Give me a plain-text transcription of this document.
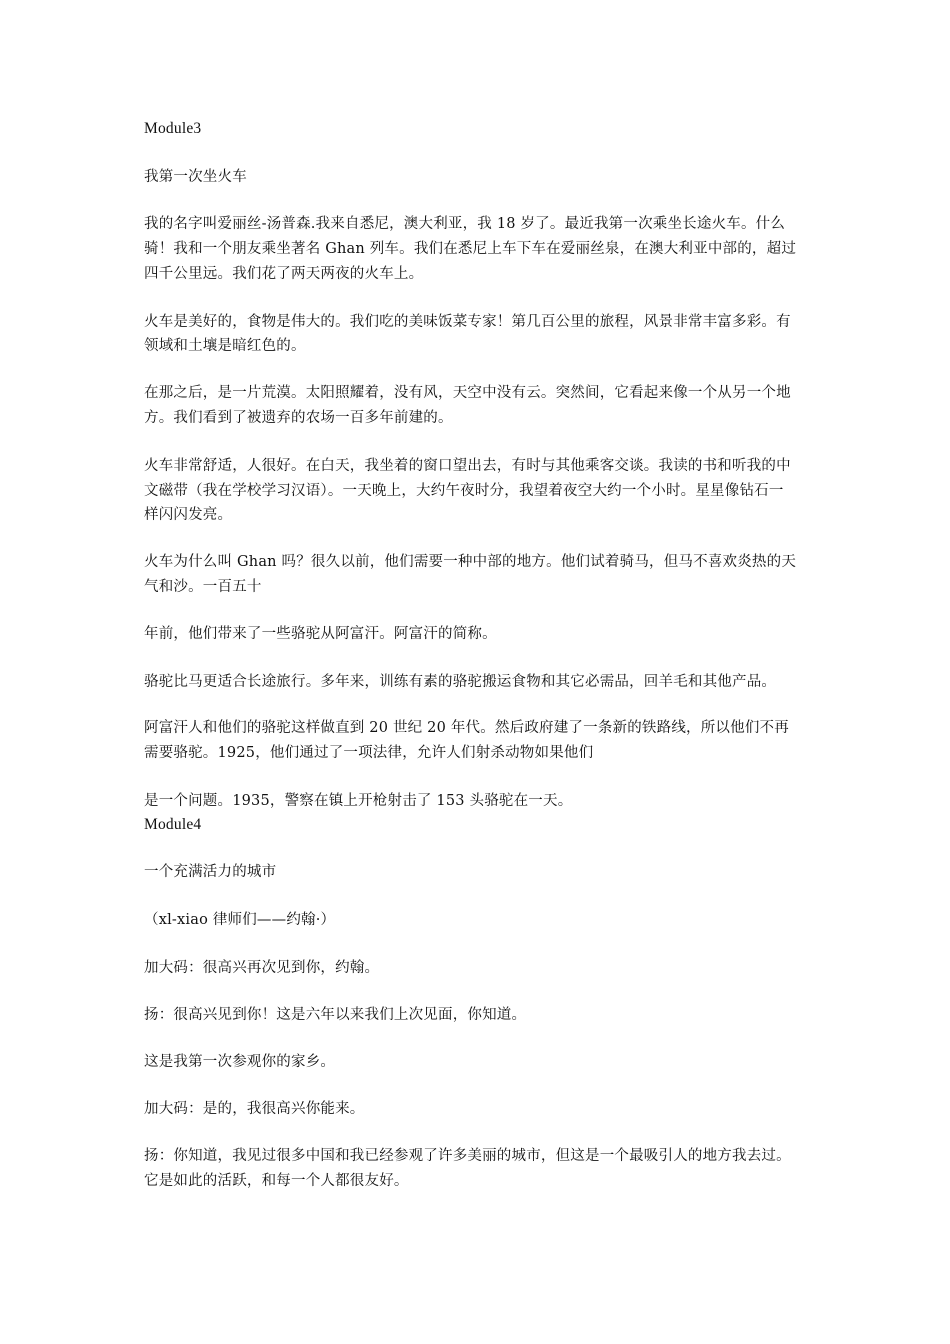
Module3
我第一次坐火车
我的名字叫爱丽丝-汤普森.我来自悉尼，澳大利亚，我 18 岁了。最近我第一次乘坐长途火车。什么
骑！我和一个朋友乘坐著名 Ghan 列车。我们在悉尼上车下车在爱丽丝泉，在澳大利亚中部的，超过
四千公里远。我们花了两天两夜的火车上。
火车是美好的，食物是伟大的。我们吃的美味饭菜专家！第几百公里的旅程，风景非常丰富多彩。有
领域和土壤是暗红色的。
在那之后，是一片荒漠。太阳照耀着，没有风，天空中没有云。突然间，它看起来像一个从另一个地
方。我们看到了被遗弃的农场一百多年前建的。
火车非常舒适，人很好。在白天，我坐着的窗口望出去，有时与其他乘客交谈。我读的书和听我的中
文磁带（我在学校学习汉语）。一天晚上，大约午夜时分，我望着夜空大约一个小时。星星像钻石一
样闪闪发亮。
火车为什么叫 Ghan 吗？很久以前，他们需要一种中部的地方。他们试着骑马，但马不喜欢炎热的天
气和沙。一百五十
年前，他们带来了一些骆驼从阿富汗。阿富汗的简称。
骆驼比马更适合长途旅行。多年来，训练有素的骆驼搬运食物和其它必需品，回羊毛和其他产品。
阿富汗人和他们的骆驼这样做直到 20 世纪 20 年代。然后政府建了一条新的铁路线，所以他们不再
需要骆驼。1925，他们通过了一项法律，允许人们射杀动物如果他们
是一个问题。1935，警察在镇上开枪射击了 153 头骆驼在一天。
Module4
一个充满活力的城市
（xl-xiao 律师们——约翰·）
加大码：很高兴再次见到你，约翰。
扬：很高兴见到你！这是六年以来我们上次见面，你知道。
这是我第一次参观你的家乡。
加大码：是的，我很高兴你能来。
扬：你知道，我见过很多中国和我已经参观了许多美丽的城市，但这是一个最吸引人的地方我去过。
它是如此的活跃，和每一个人都很友好。
